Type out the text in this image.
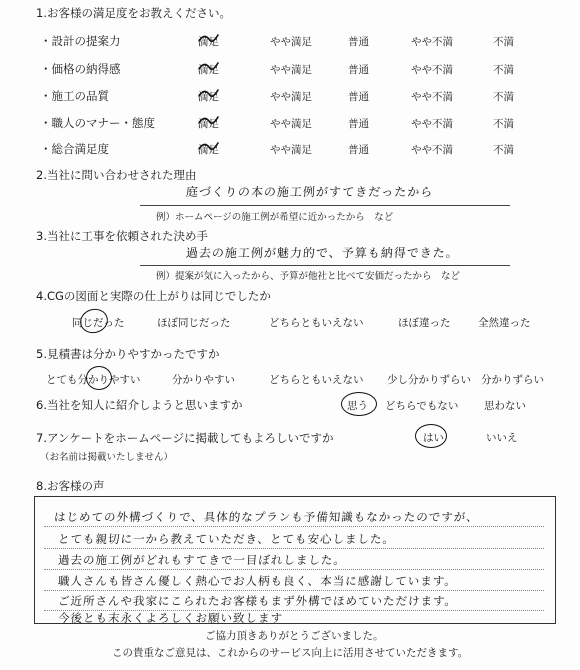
1.お客様の満足度をお教えください。
・設計の提案力	満足	やや満足	普通	やや不満	不満
・価格の納得感	満足	やや満足	普通	やや不満	不満
・施工の品質	満足	やや満足	普通	やや不満	不満
・職人のマナー・態度	満足	やや満足	普通	やや不満	不満
・総合満足度	満足	やや満足	普通	やや不満	不満
2.当社に問い合わせされた理由
庭づくりの本の施工例がすてきだったから
例）ホームページの施工例が希望に近かったから　など
3.当社に工事を依頼された決め手
過去の施工例が魅力的で、予算も納得できた。
例）提案が気に入ったから、予算が他社と比べて安価だったから　など
4.CGの図面と実際の仕上がりは同じでしたか
同じだった	ほぼ同じだった	どちらともいえない	ほぼ違った	全然違った
5.見積書は分かりやすかったですか
とても分かりやすい	分かりやすい	どちらともいえない 少し分かりずらい 分かりずらい
6.当社を知人に紹介しようと思いますか	思う どちらでもない 思わない
7.アンケートをホームページに掲載してもよろしいですか
（お名前は掲載いたしません）
はい	いいえ
8.お客様の声
はじめての外構づくりで、具体的なプランも予備知識もなかったのですが、
とても親切に一から教えていただき、とても安心しました。
過去の施工例がどれもすてきで一目ぼれしました。
職人さんも皆さん優しく熱心でお人柄も良く、本当に感謝しています。
ご近所さんや我家にこられたお客様もまず外構でほめていただけます。
今後とも末永くよろしくお願い致します
ご協力頂きありがとうございました。
この貴重なご意見は、これからのサービス向上に活用させていただきます。
